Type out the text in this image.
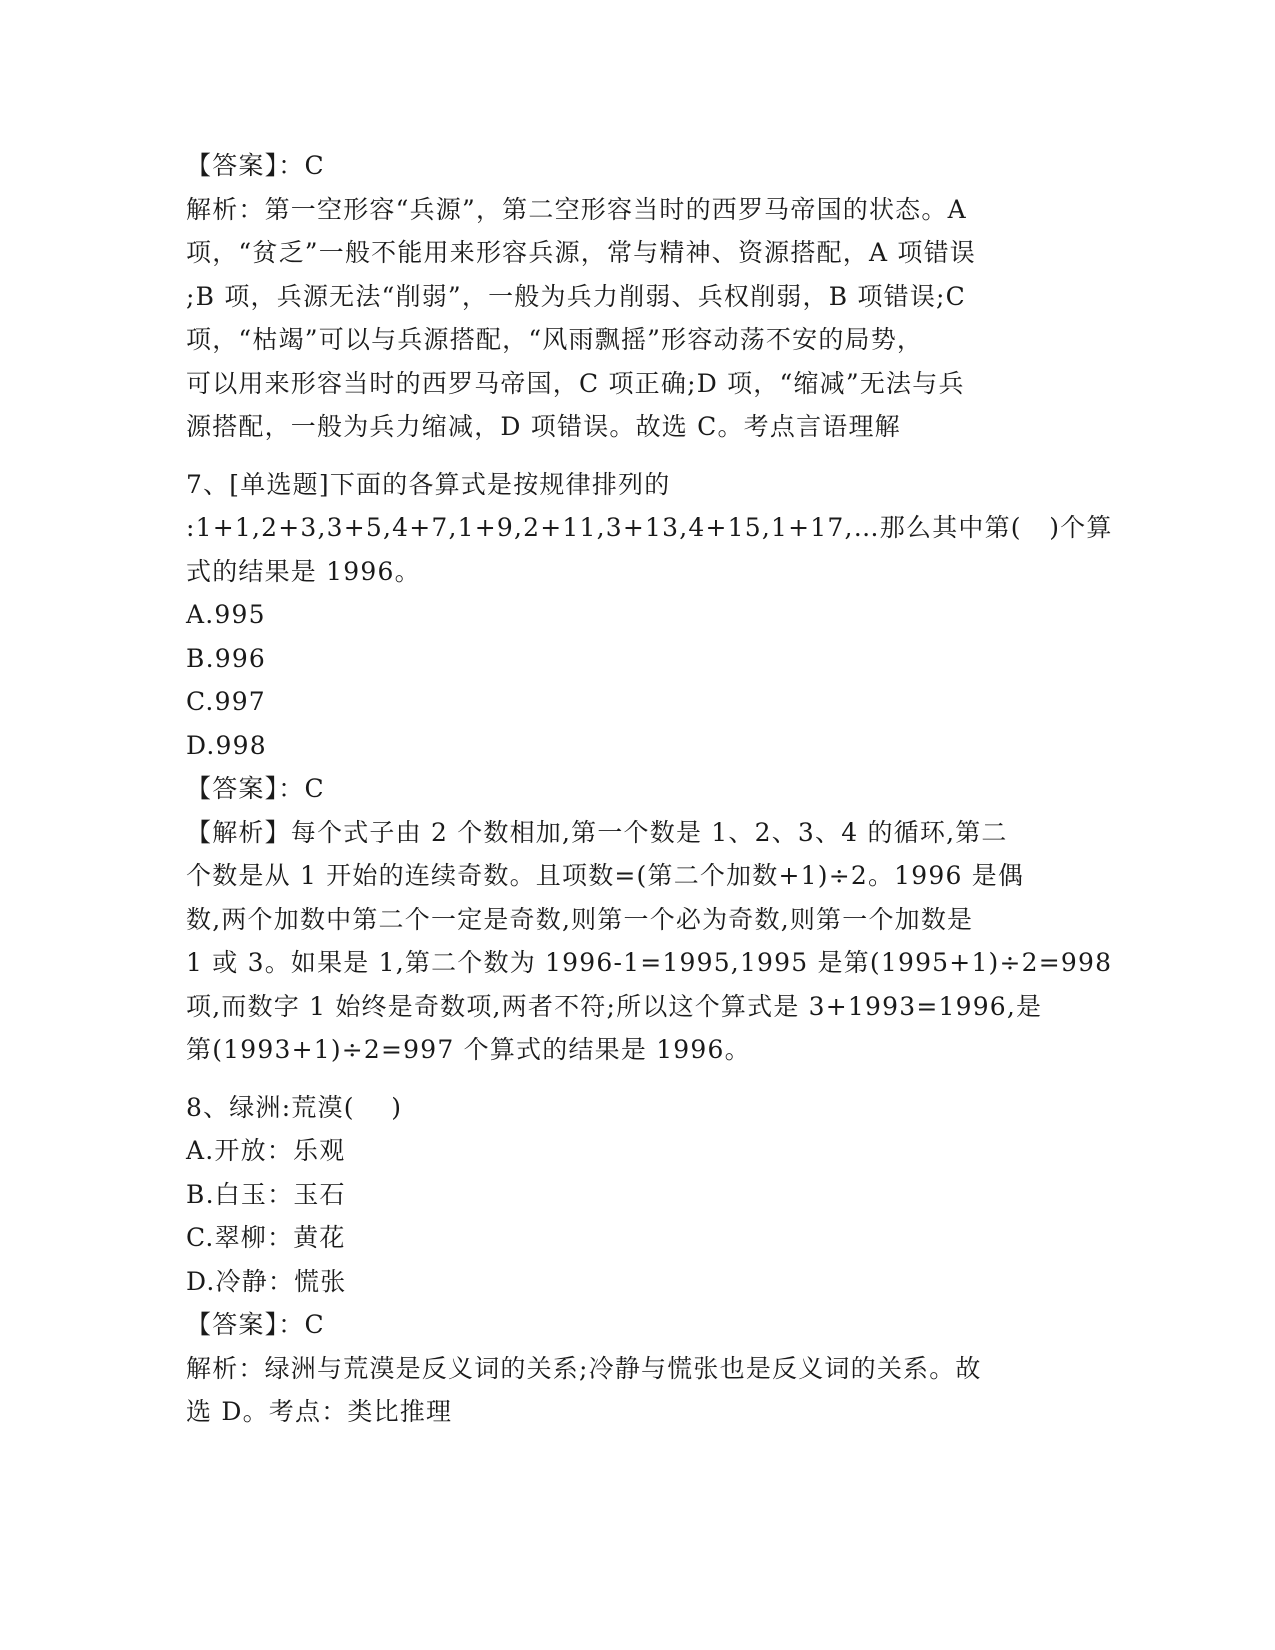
【答案】：C

解析：第一空形容“兵源”，第二空形容当时的西罗马帝国的状态。A

项，“贫乏”一般不能用来形容兵源，常与精神、资源搭配，A 项错误

;B 项，兵源无法“削弱”，一般为兵力削弱、兵权削弱，B 项错误;C

项，“枯竭”可以与兵源搭配，“风雨飘摇”形容动荡不安的局势，

可以用来形容当时的西罗马帝国，C 项正确;D 项，“缩减”无法与兵

源搭配，一般为兵力缩减，D 项错误。故选 C。考点言语理解

7、[单选题]下面的各算式是按规律排列的

:1+1,2+3,3+5,4+7,1+9,2+11,3+13,4+15,1+17,…那么其中第(   )个算

式的结果是 1996。

A.995

B.996

C.997

D.998

【答案】：C

【解析】每个式子由 2 个数相加,第一个数是 1、2、3、4 的循环,第二

个数是从 1 开始的连续奇数。且项数=(第二个加数+1)÷2。1996 是偶

数,两个加数中第二个一定是奇数,则第一个必为奇数,则第一个加数是

1 或 3。如果是 1,第二个数为 1996-1=1995,1995 是第(1995+1)÷2=998

项,而数字 1 始终是奇数项,两者不符;所以这个算式是 3+1993=1996,是

第(1993+1)÷2=997 个算式的结果是 1996。

8、绿洲:荒漠(    )

A.开放：乐观

B.白玉：玉石

C.翠柳：黄花

D.冷静：慌张

【答案】：C

解析：绿洲与荒漠是反义词的关系;冷静与慌张也是反义词的关系。故

选 D。考点：类比推理
